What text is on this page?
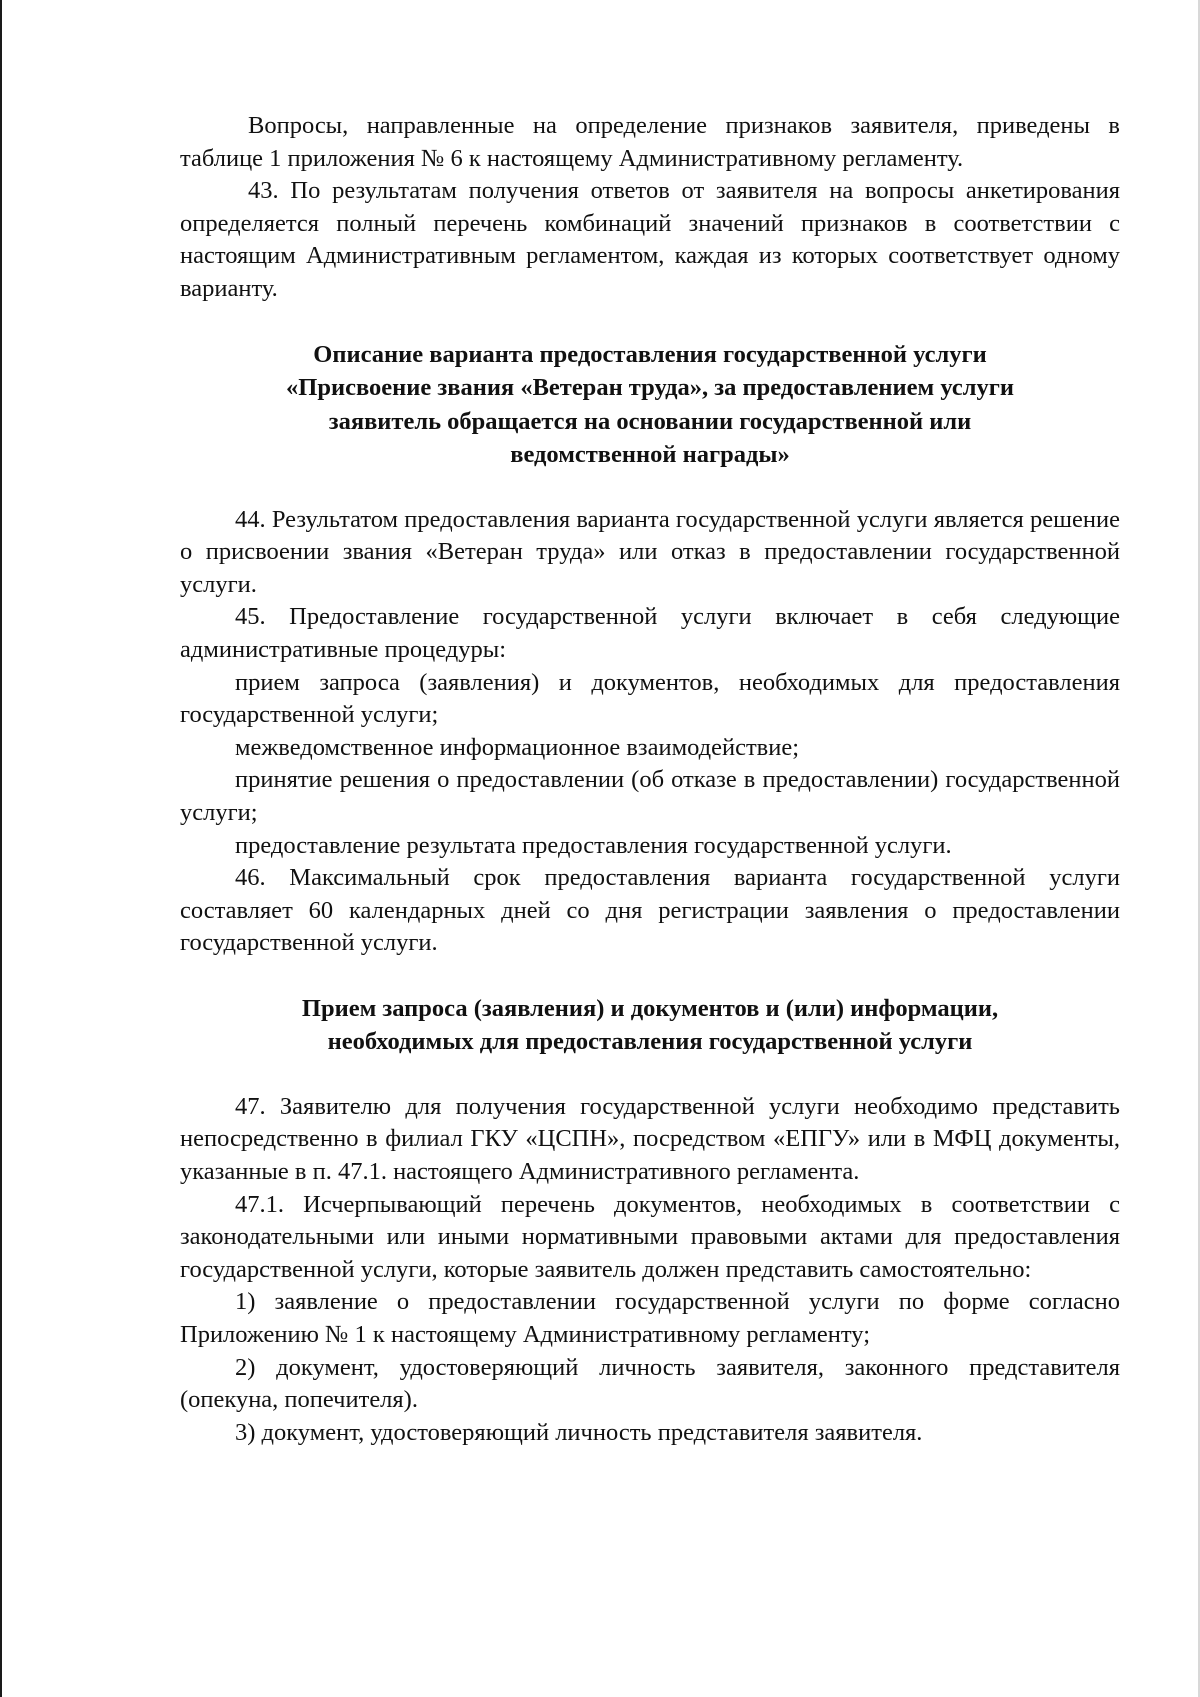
Вопросы, направленные на определение признаков заявителя, приведены в таблице 1 приложения № 6 к настоящему Административному регламенту.

43. По результатам получения ответов от заявителя на вопросы анкетирования определяется полный перечень комбинаций значений признаков в соответствии с настоящим Административным регламентом, каждая из которых соответствует одному варианту.

Описание варианта предоставления государственной услуги
«Присвоение звания «Ветеран труда», за предоставлением услуги
заявитель обращается на основании государственной или
ведомственной награды»

44. Результатом предоставления варианта государственной услуги является решение о присвоении звания «Ветеран труда» или отказ в предоставлении государственной услуги.

45. Предоставление государственной услуги включает в себя следующие административные процедуры:

прием запроса (заявления) и документов, необходимых для предоставления государственной услуги;

межведомственное информационное взаимодействие;

принятие решения о предоставлении (об отказе в предоставлении) государственной услуги;

предоставление результата предоставления государственной услуги.

46. Максимальный срок предоставления варианта государственной услуги составляет 60 календарных дней со дня регистрации заявления о предоставлении государственной услуги.

Прием запроса (заявления) и документов и (или) информации,
необходимых для предоставления государственной услуги

47. Заявителю для получения государственной услуги необходимо представить непосредственно в филиал ГКУ «ЦСПН», посредством «ЕПГУ» или в МФЦ документы, указанные в п. 47.1. настоящего Административного регламента.

47.1. Исчерпывающий перечень документов, необходимых в соответствии с законодательными или иными нормативными правовыми актами для предоставления государственной услуги, которые заявитель должен представить самостоятельно:

1) заявление о предоставлении государственной услуги по форме согласно Приложению № 1 к настоящему Административному регламенту;

2) документ, удостоверяющий личность заявителя, законного представителя (опекуна, попечителя).

3) документ, удостоверяющий личность представителя заявителя.
